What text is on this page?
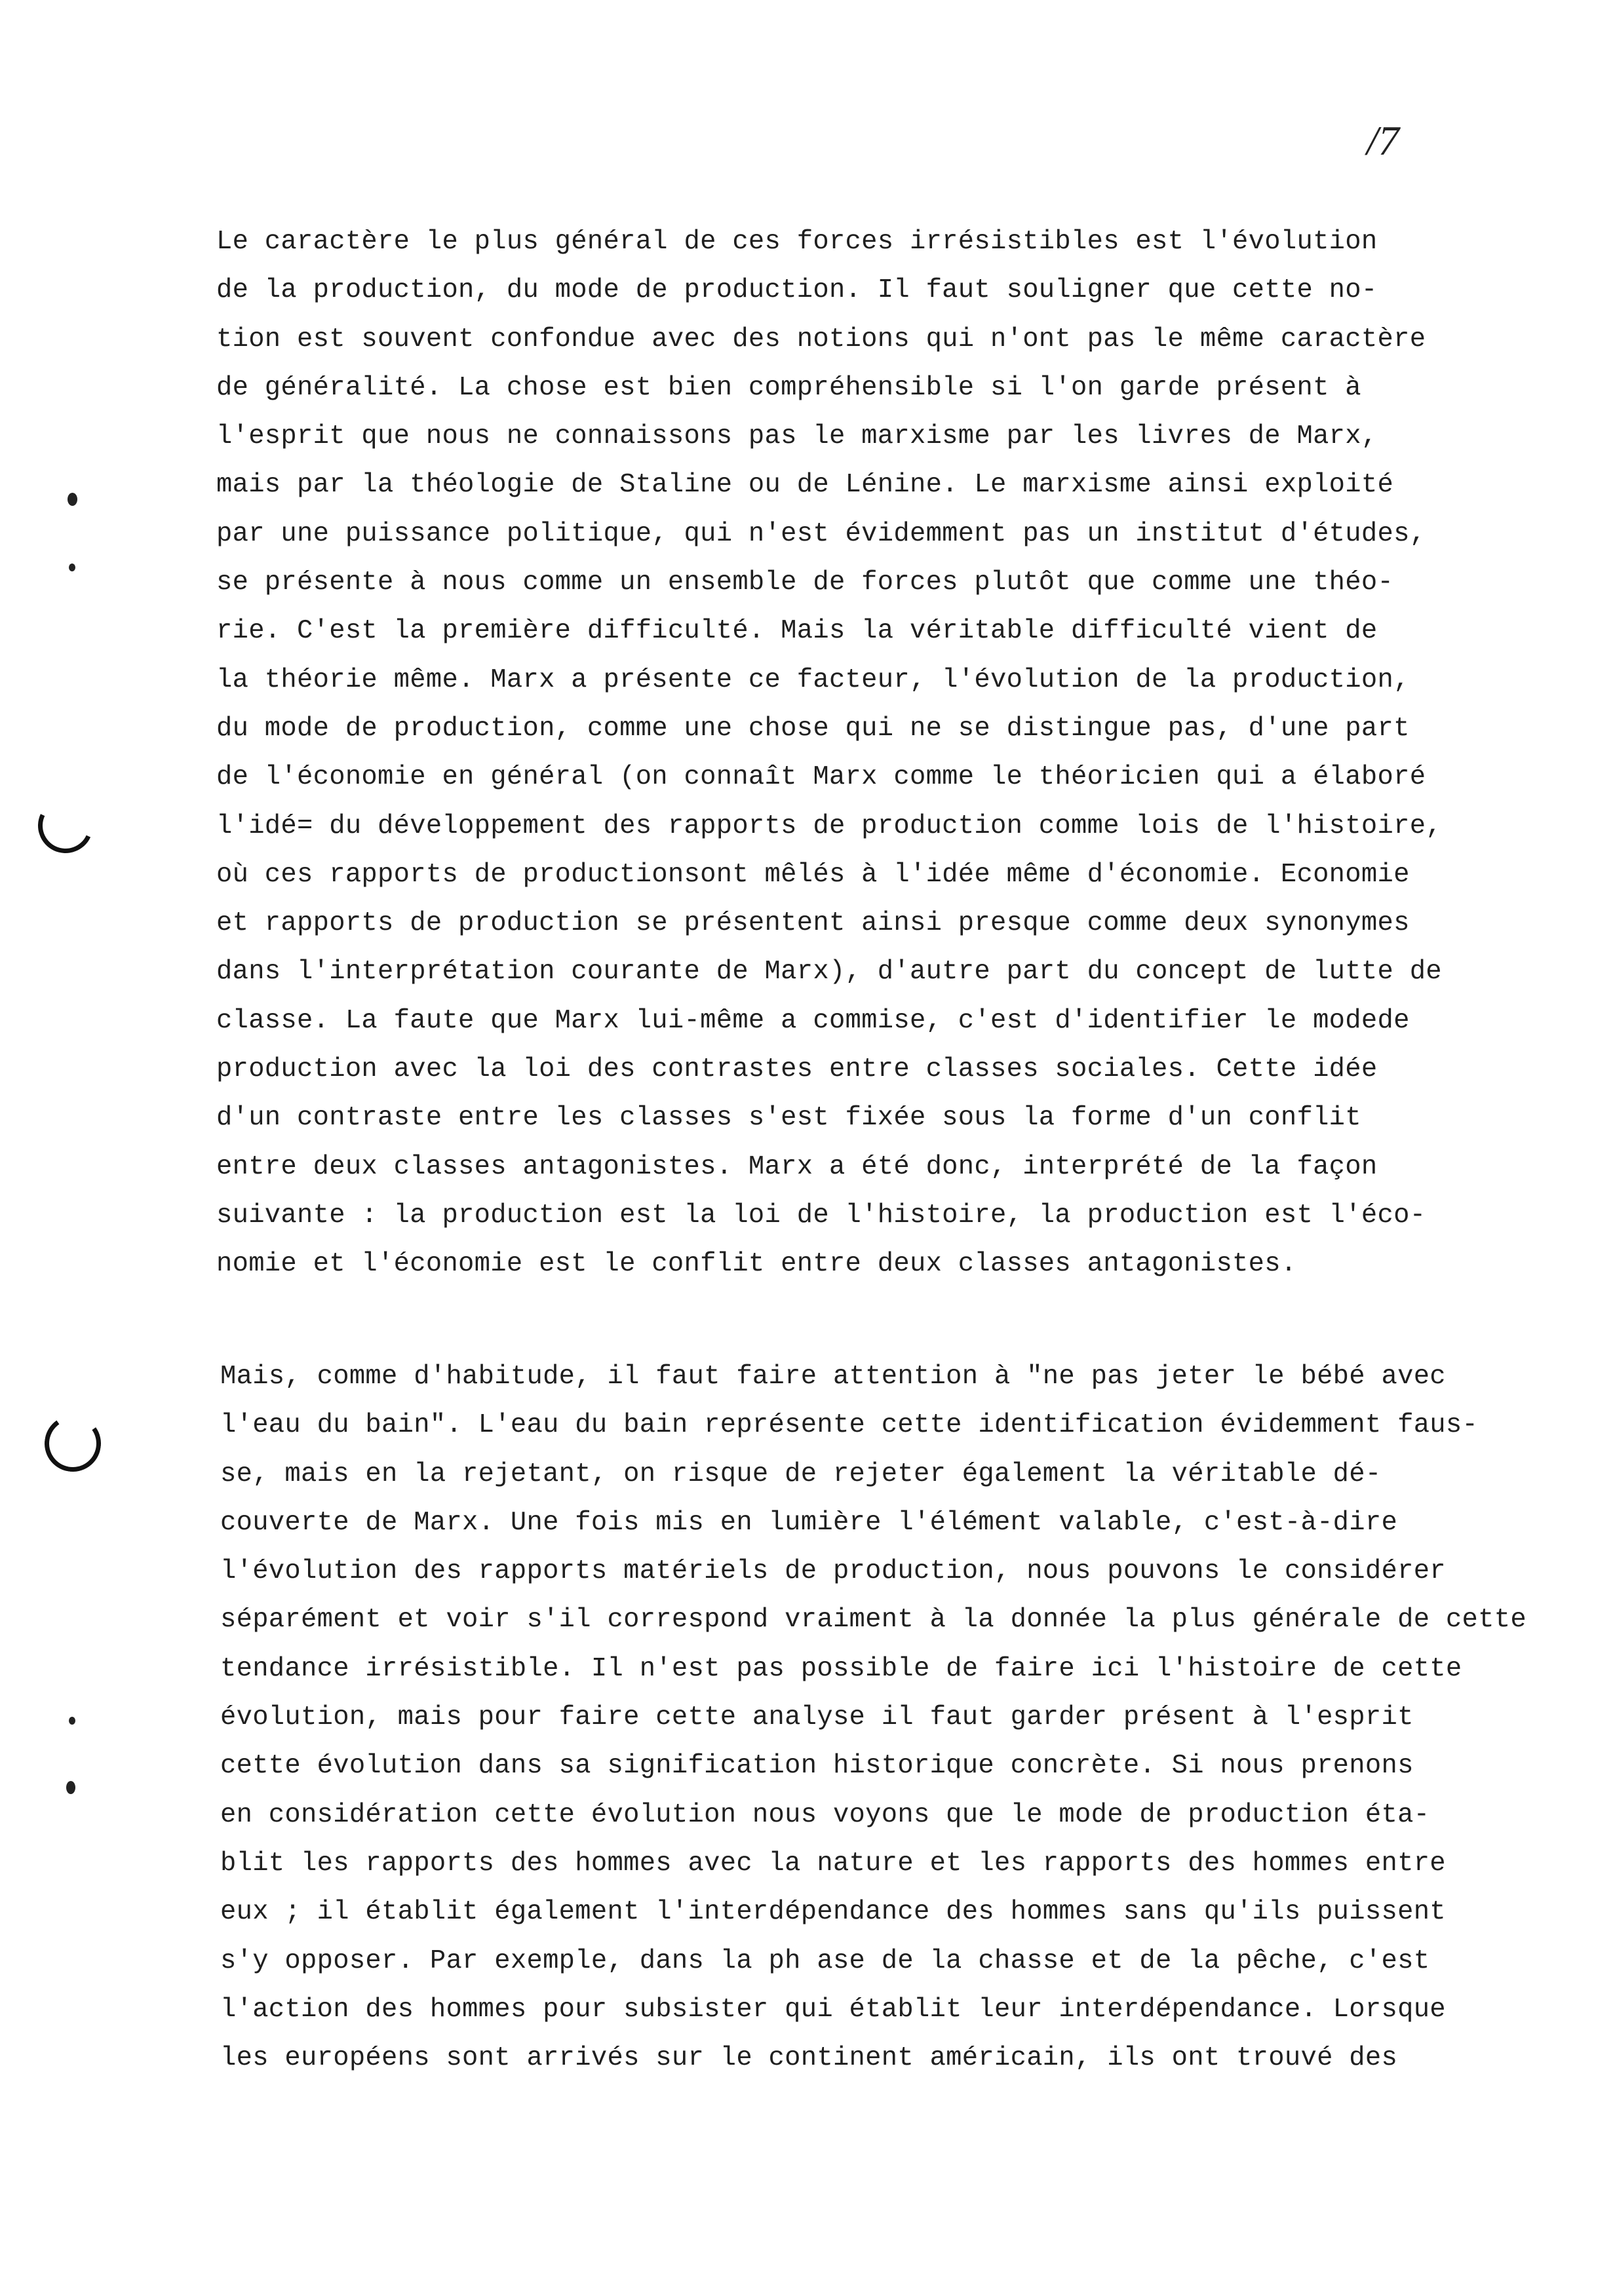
/7
Le caractère le plus général de ces forces irrésistibles est l'évolution
de la production, du mode de production. Il faut souligner que cette no-
tion est souvent confondue avec des notions qui n'ont pas le même caractère
de généralité. La chose est bien compréhensible si l'on garde présent à
l'esprit que nous ne connaissons pas le marxisme par les livres de Marx,
mais par la théologie de Staline ou de Lénine. Le marxisme ainsi exploité
par une puissance politique, qui n'est évidemment pas un institut d'études,
se présente à nous comme un ensemble de forces plutôt que comme une théo-
rie. C'est la première difficulté. Mais la véritable difficulté vient de
la théorie même. Marx a présente ce facteur, l'évolution de la production,
du mode de production, comme une chose qui ne se distingue pas, d'une part
de l'économie en général (on connaît Marx comme le théoricien qui a élaboré
l'idé= du développement des rapports de production comme lois de l'histoire,
où ces rapports de productionsont mêlés à l'idée même d'économie. Economie
et rapports de production se présentent ainsi presque comme deux synonymes
dans l'interprétation courante de Marx), d'autre part du concept de lutte de
classe. La faute que Marx lui-même a commise, c'est d'identifier le modede
production avec la loi des contrastes entre classes sociales. Cette idée
d'un contraste entre les classes s'est fixée sous la forme d'un conflit
entre deux classes antagonistes. Marx a été donc, interprété de la façon
suivante : la production est la loi de l'histoire, la production est l'éco-
nomie et l'économie est le conflit entre deux classes antagonistes.
Mais, comme d'habitude, il faut faire attention à "ne pas jeter le bébé avec
l'eau du bain". L'eau du bain représente cette identification évidemment faus-
se, mais en la rejetant, on risque de rejeter également la véritable dé-
couverte de Marx. Une fois mis en lumière l'élément valable, c'est-à-dire
l'évolution des rapports matériels de production, nous pouvons le considérer
séparément et voir s'il correspond vraiment à la donnée la plus générale de cette
tendance irrésistible. Il n'est pas possible de faire ici l'histoire de cette
évolution, mais pour faire cette analyse il faut garder présent à l'esprit
cette évolution dans sa signification historique concrète. Si nous prenons
en considération cette évolution nous voyons que le mode de production éta-
blit les rapports des hommes avec la nature et les rapports des hommes entre
eux ; il établit également l'interdépendance des hommes sans qu'ils puissent
s'y opposer. Par exemple, dans la ph ase de la chasse et de la pêche, c'est
l'action des hommes pour subsister qui établit leur interdépendance. Lorsque
les européens sont arrivés sur le continent américain, ils ont trouvé des
